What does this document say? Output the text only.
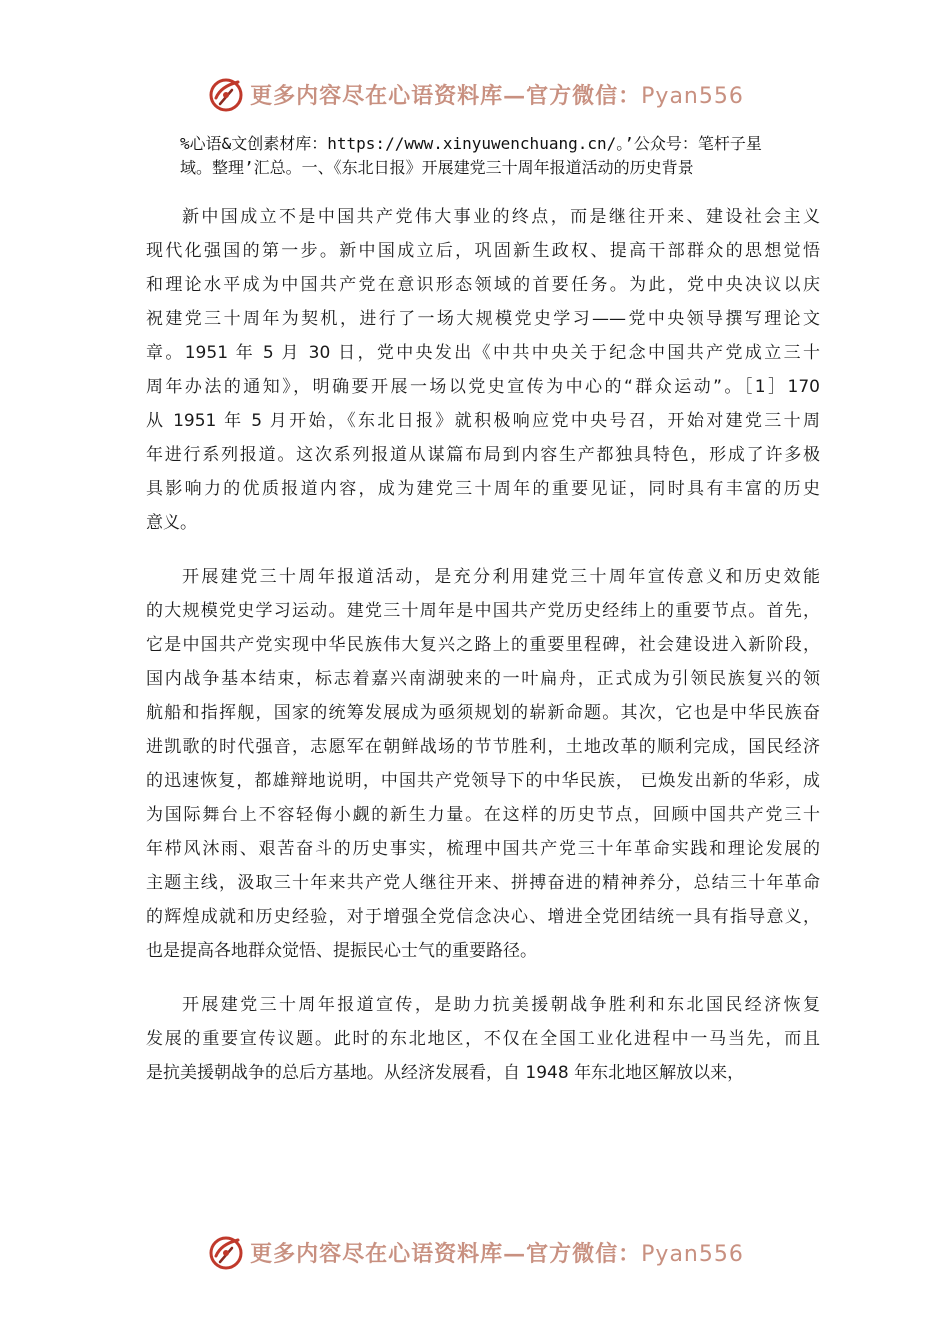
更多内容尽在心语资料库—官方微信：Pyan556
%心语&文创素材库：https://www.xinyuwenchuang.cn/。’公众号：笔杆子星
域。整理’汇总。一、《东北日报》开展建党三十周年报道活动的历史背景
新中国成立不是中国共产党伟大事业的终点，而是继往开来、建设社会主义
现代化强国的第一步。新中国成立后，巩固新生政权、提高干部群众的思想觉悟
和理论水平成为中国共产党在意识形态领域的首要任务。为此，党中央决议以庆
祝建党三十周年为契机，进行了一场大规模党史学习——党中央领导撰写理论文
章。1951 年 5 月 30 日，党中央发出《中共中央关于纪念中国共产党成立三十
周年办法的通知》，明确要开展一场以党史宣传为中心的“群众运动”。［1］170
从 1951 年 5 月开始，《东北日报》就积极响应党中央号召，开始对建党三十周
年进行系列报道。这次系列报道从谋篇布局到内容生产都独具特色，形成了许多极
具影响力的优质报道内容，成为建党三十周年的重要见证，同时具有丰富的历史
意义。
开展建党三十周年报道活动，是充分利用建党三十周年宣传意义和历史效能
的大规模党史学习运动。建党三十周年是中国共产党历史经纬上的重要节点。首先，
它是中国共产党实现中华民族伟大复兴之路上的重要里程碑，社会建设进入新阶段，
国内战争基本结束，标志着嘉兴南湖驶来的一叶扁舟，正式成为引领民族复兴的领
航船和指挥舰，国家的统筹发展成为亟须规划的崭新命题。其次，它也是中华民族奋
进凯歌的时代强音，志愿军在朝鲜战场的节节胜利，土地改革的顺利完成，国民经济
的迅速恢复，都雄辩地说明，中国共产党领导下的中华民族， 已焕发出新的华彩，成
为国际舞台上不容轻侮小觑的新生力量。在这样的历史节点，回顾中国共产党三十
年栉风沐雨、艰苦奋斗的历史事实，梳理中国共产党三十年革命实践和理论发展的
主题主线，汲取三十年来共产党人继往开来、拼搏奋进的精神养分，总结三十年革命
的辉煌成就和历史经验，对于增强全党信念决心、增进全党团结统一具有指导意义，
也是提高各地群众觉悟、提振民心士气的重要路径。
开展建党三十周年报道宣传，是助力抗美援朝战争胜利和东北国民经济恢复
发展的重要宣传议题。此时的东北地区，不仅在全国工业化进程中一马当先，而且
是抗美援朝战争的总后方基地。从经济发展看，自 1948 年东北地区解放以来，
更多内容尽在心语资料库—官方微信：Pyan556
